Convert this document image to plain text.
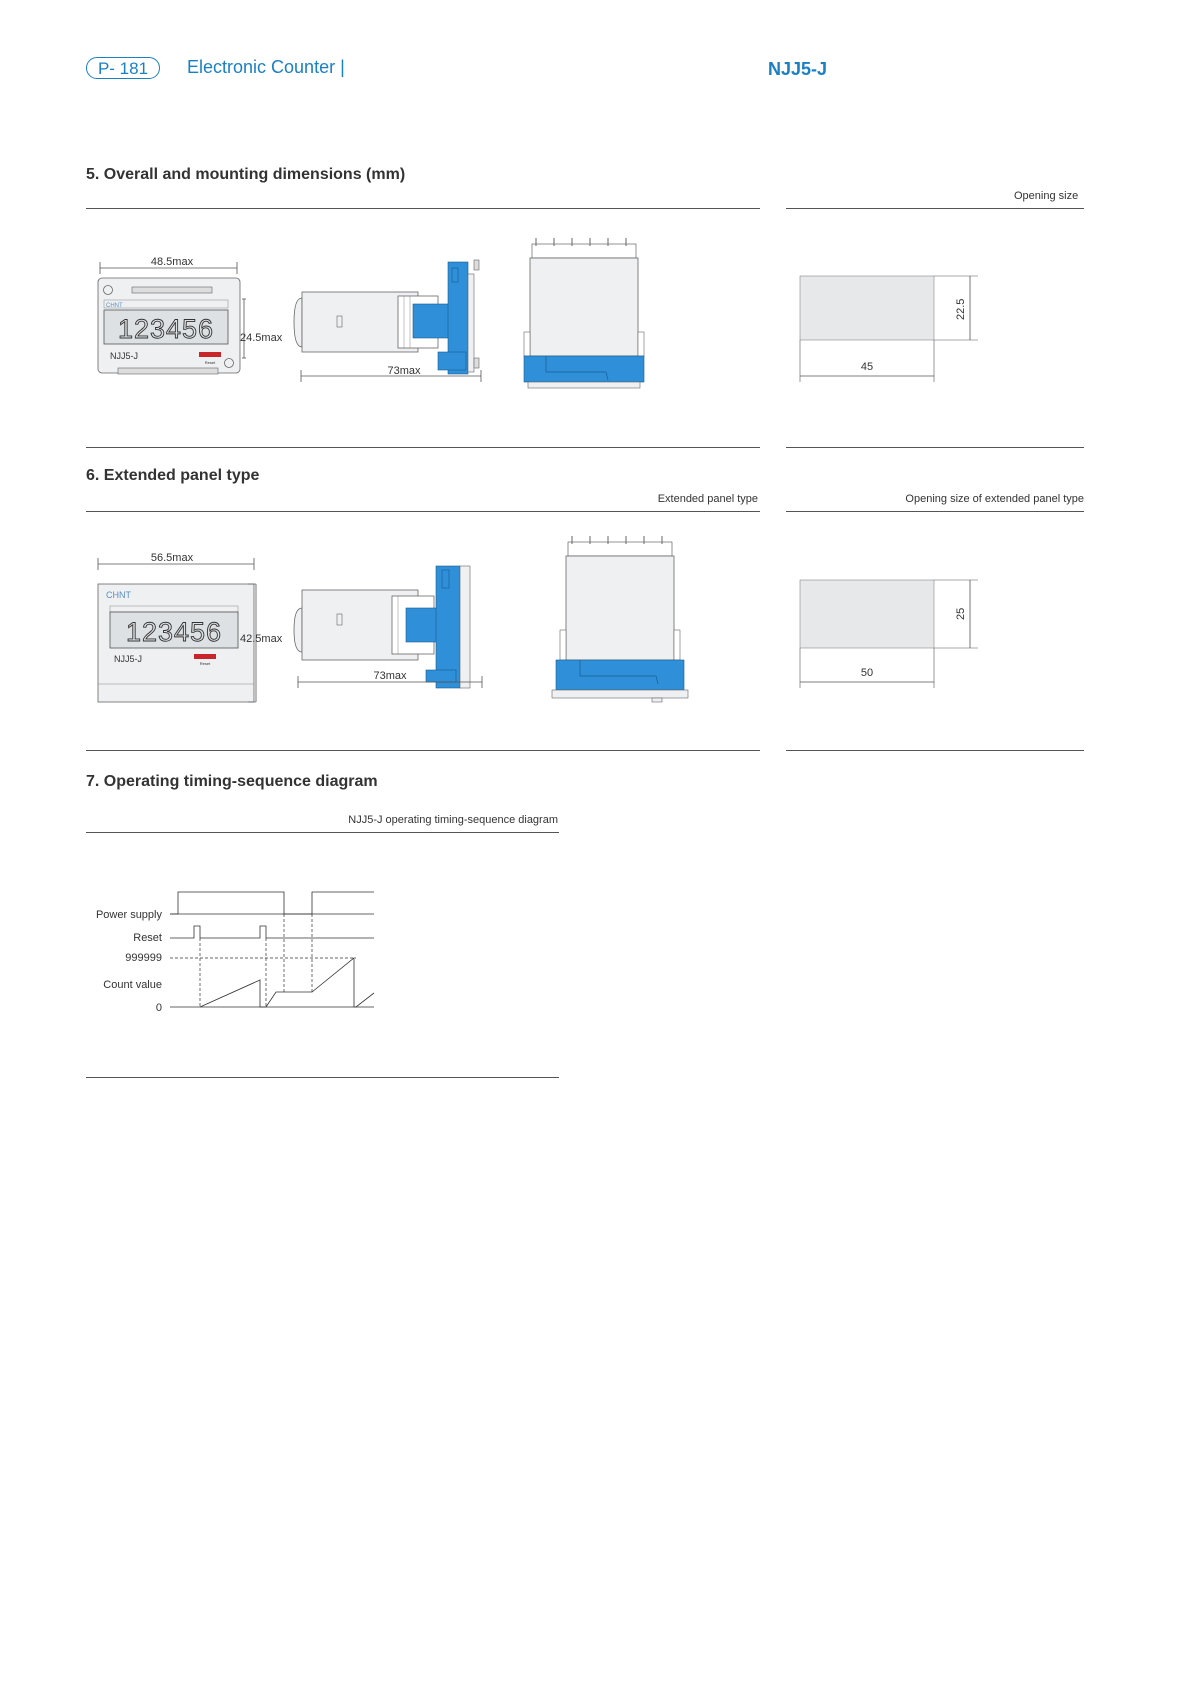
P- 181	Electronic Counter |	NJJ5-J
5. Overall and mounting dimensions (mm)
Opening size
48.5max
CHNT
123456
NJJ5-J
Reset
24.5max
73max
22.5
45
6. Extended panel type
Extended panel type	Opening size of extended panel type
56.5max
CHNT
123456
NJJ5-J	Reset
42.5max
73max
25
50
7. Operating timing-sequence diagram
NJJ5-J operating timing-sequence diagram
Power supply
Reset
999999
Count value
0
